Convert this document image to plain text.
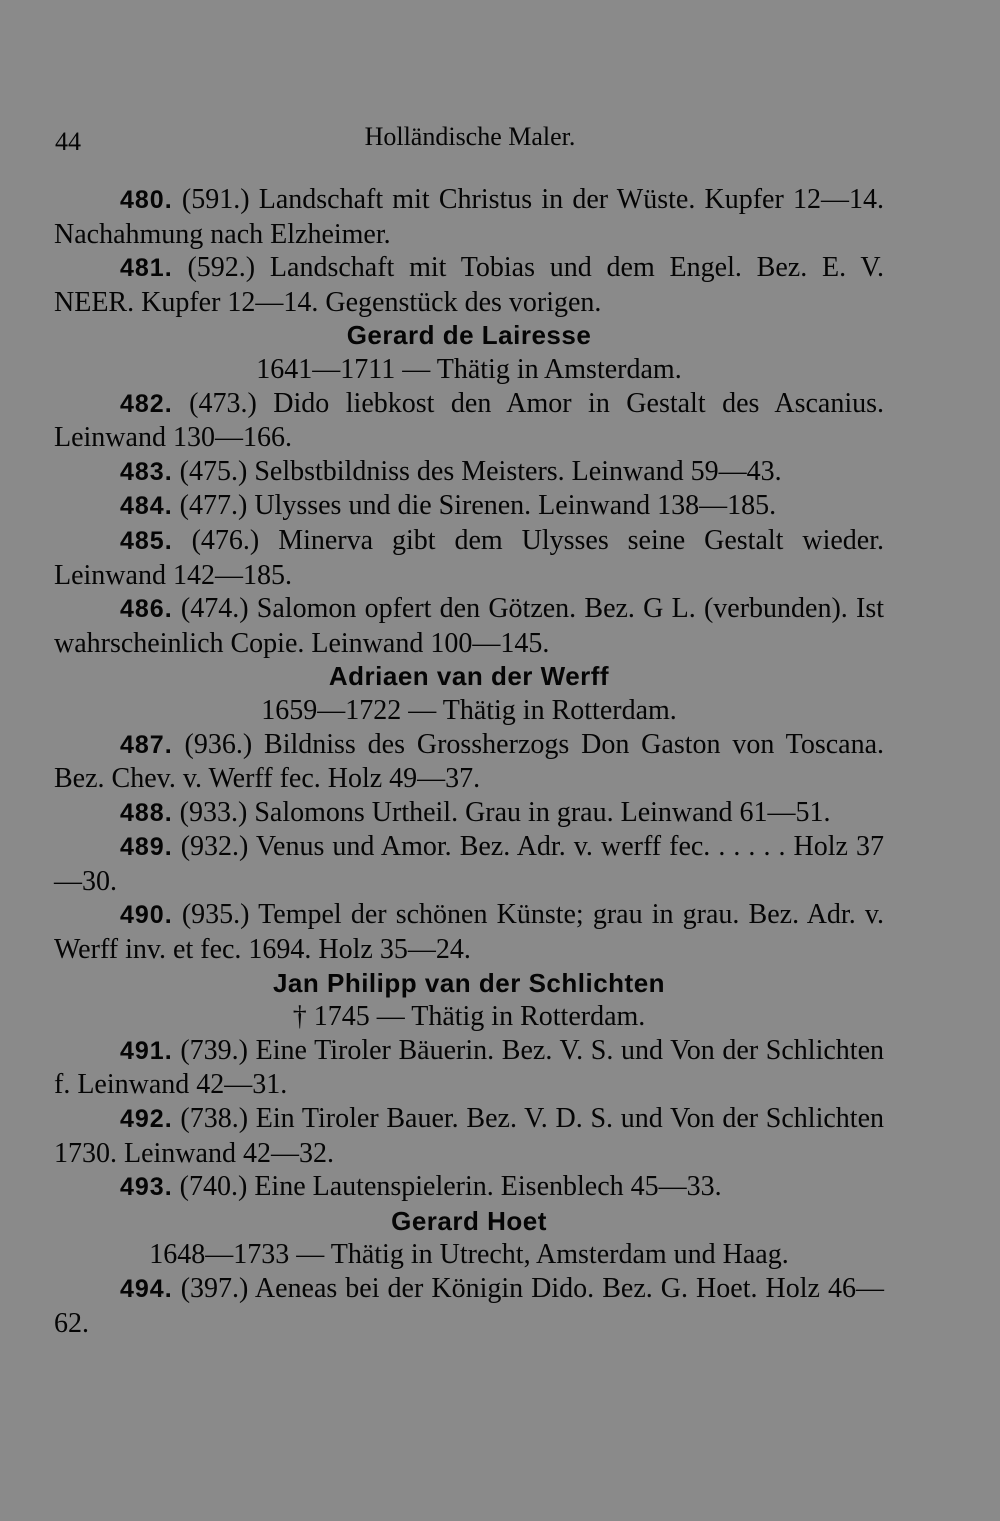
44	Holländische Maler.

480. (591.) Landschaft mit Christus in der Wüste. Kupfer 12—14. Nachahmung nach Elzheimer.

481. (592.) Landschaft mit Tobias und dem Engel. Bez. E. V. NEER. Kupfer 12—14. Gegenstück des vorigen.

Gerard de Lairesse

1641—1711 — Thätig in Amsterdam.

482. (473.) Dido liebkost den Amor in Gestalt des Ascanius. Leinwand 130—166.

483. (475.) Selbstbildniss des Meisters. Leinwand 59—43.

484. (477.) Ulysses und die Sirenen. Leinwand 138—185.

485. (476.) Minerva gibt dem Ulysses seine Gestalt wieder. Leinwand 142—185.

486. (474.) Salomon opfert den Götzen. Bez. G L. (verbunden). Ist wahrscheinlich Copie. Leinwand 100—145.

Adriaen van der Werff

1659—1722 — Thätig in Rotterdam.

487. (936.) Bildniss des Grossherzogs Don Gaston von Toscana. Bez. Chev. v. Werff fec. Holz 49—37.

488. (933.) Salomons Urtheil. Grau in grau. Leinwand 61—51.

489. (932.) Venus und Amor. Bez. Adr. v. werff fec. . . . . . Holz 37—30.

490. (935.) Tempel der schönen Künste; grau in grau. Bez. Adr. v. Werff inv. et fec. 1694. Holz 35—24.

Jan Philipp van der Schlichten

† 1745 — Thätig in Rotterdam.

491. (739.) Eine Tiroler Bäuerin. Bez. V. S. und Von der Schlichten f. Leinwand 42—31.

492. (738.) Ein Tiroler Bauer. Bez. V. D. S. und Von der Schlichten 1730. Leinwand 42—32.

493. (740.) Eine Lautenspielerin. Eisenblech 45—33.

Gerard Hoet

1648—1733 — Thätig in Utrecht, Amsterdam und Haag.

494. (397.) Aeneas bei der Königin Dido. Bez. G. Hoet. Holz 46—62.
